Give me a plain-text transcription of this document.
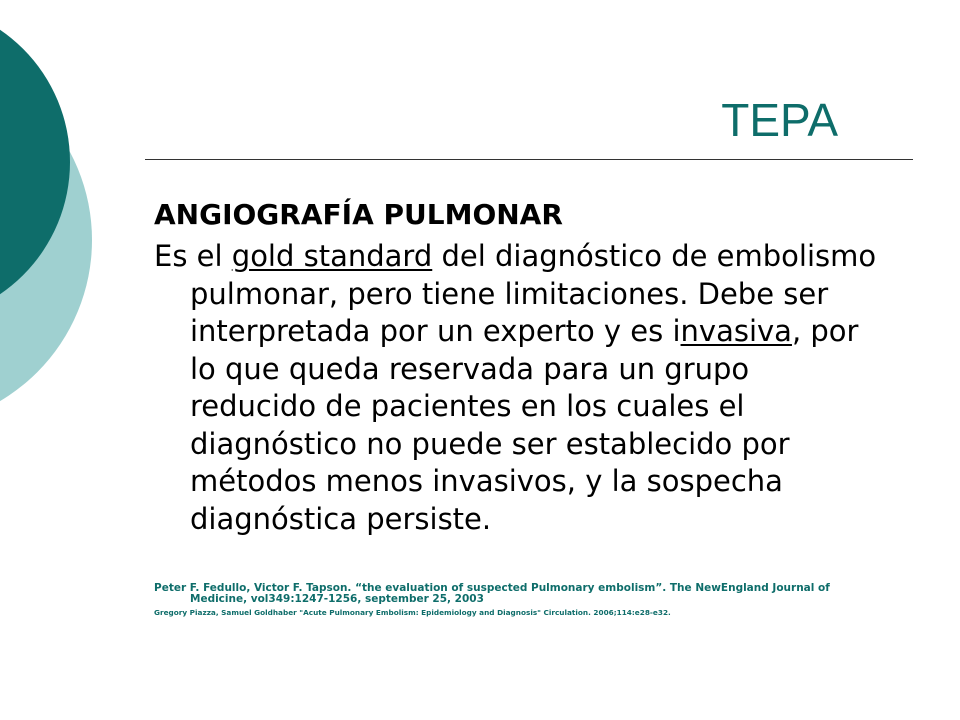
TEPA

ANGIOGRAFÍA PULMONAR

Es el gold standard del diagnóstico de embolismo pulmonar, pero tiene limitaciones. Debe ser interpretada por un experto y es invasiva, por lo que queda reservada para un grupo reducido de pacientes en los cuales el diagnóstico no puede ser establecido por métodos menos invasivos, y la sospecha diagnóstica persiste.

Peter F. Fedullo, Victor F. Tapson. “the evaluation of suspected Pulmonary embolism”. The NewEngland Journal of Medicine, vol349:1247-1256, september 25, 2003

Gregory Piazza, Samuel Goldhaber "Acute Pulmonary Embolism: Epidemiology and Diagnosis" Circulation. 2006;114:e28-e32.
